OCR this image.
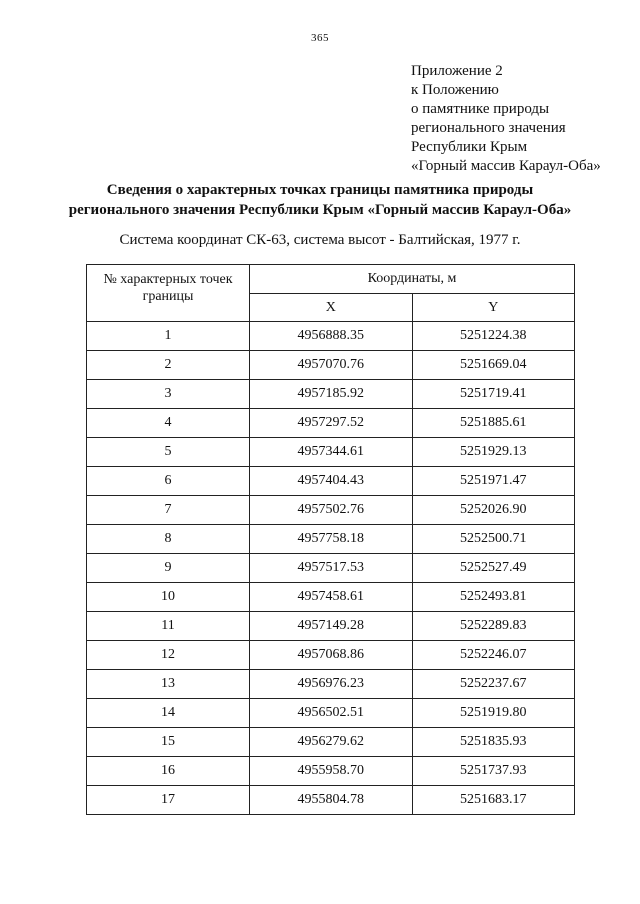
365
Приложение 2
к Положению
о памятнике природы
регионального значения
Республики Крым
«Горный массив Караул-Оба»
Сведения о характерных точках границы памятника природы
регионального значения Республики Крым «Горный массив Караул-Оба»
Система координат СК-63, система высот - Балтийская, 1977 г.
№ характерных точек границы	Координаты, м	
	X	Y
1	4956888.35	5251224.38
2	4957070.76	5251669.04
3	4957185.92	5251719.41
4	4957297.52	5251885.61
5	4957344.61	5251929.13
6	4957404.43	5251971.47
7	4957502.76	5252026.90
8	4957758.18	5252500.71
9	4957517.53	5252527.49
10	4957458.61	5252493.81
11	4957149.28	5252289.83
12	4957068.86	5252246.07
13	4956976.23	5252237.67
14	4956502.51	5251919.80
15	4956279.62	5251835.93
16	4955958.70	5251737.93
17	4955804.78	5251683.17
